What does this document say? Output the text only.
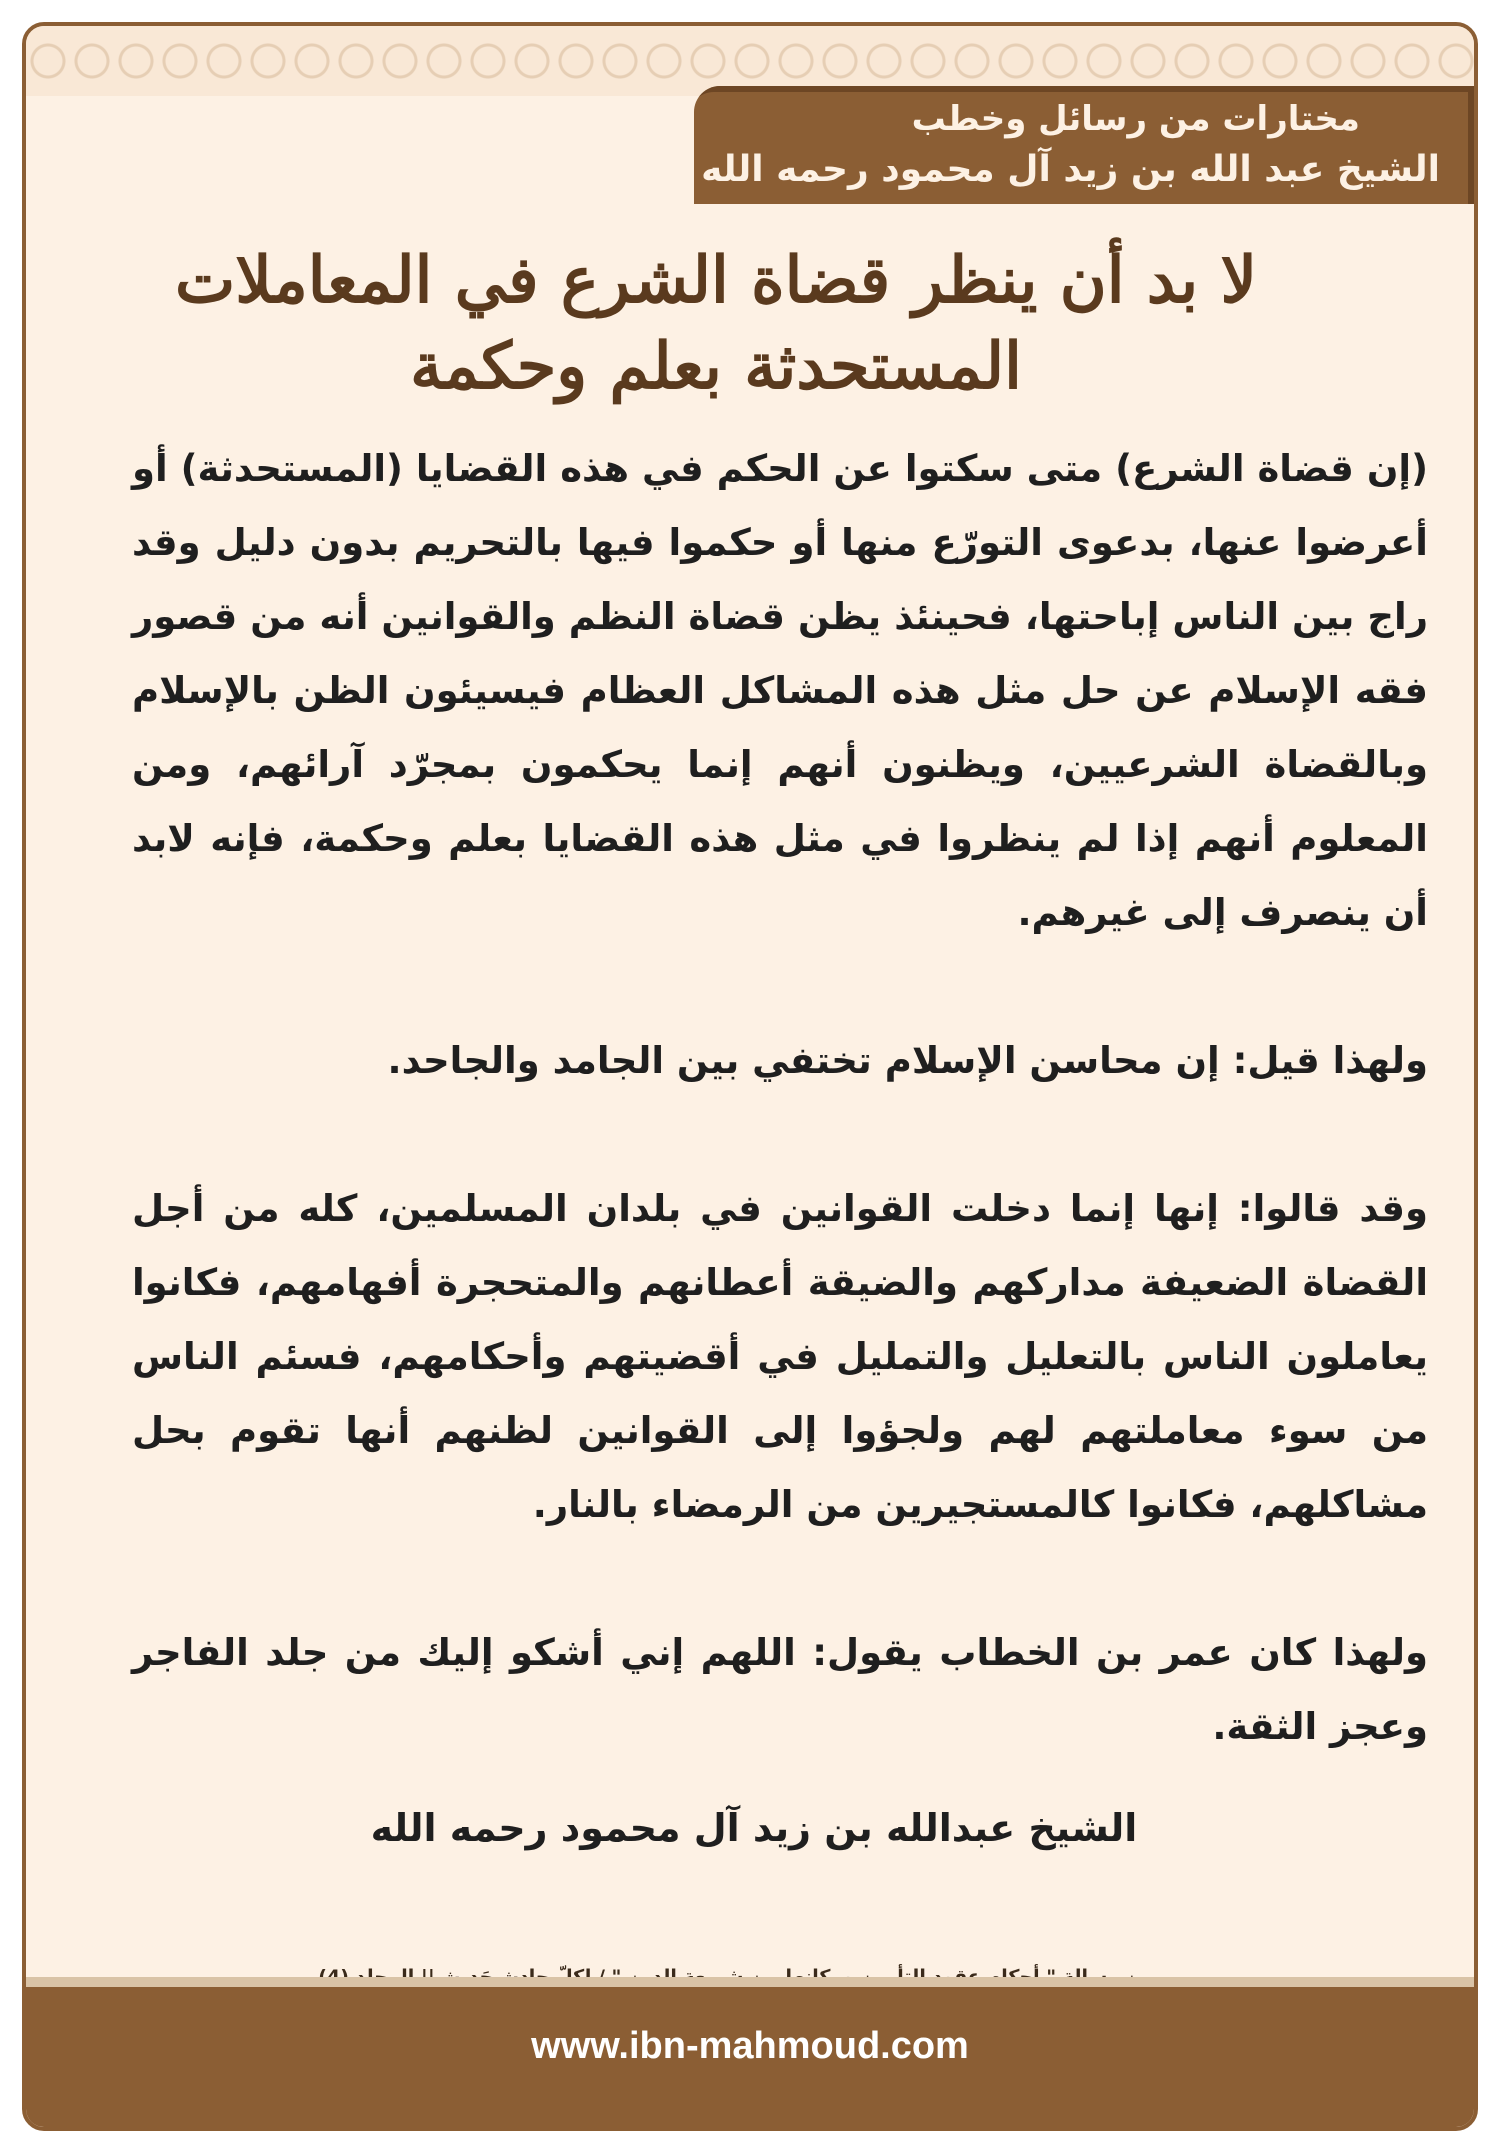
مختارات من رسائل وخطب
الشيخ عبد الله بن زيد آل محمود رحمه الله
لا بد أن ينظر قضاة الشرع في المعاملات
المستحدثة بعلم وحكمة

(إن قضاة الشرع) متى سكتوا عن الحكم في هذه القضايا (المستحدثة) أو أعرضوا عنها، بدعوى التورّع منها أو حكموا فيها بالتحريم بدون دليل وقد راج بين الناس إباحتها، فحينئذ يظن قضاة النظم والقوانين أنه من قصور فقه الإسلام عن حل مثل هذه المشاكل العظام فيسيئون الظن بالإسلام وبالقضاة الشرعيين، ويظنون أنهم إنما يحكمون بمجرّد آرائهم، ومن المعلوم أنهم إذا لم ينظروا في مثل هذه القضايا بعلم وحكمة، فإنه لابد أن ينصرف إلى غيرهم.

ولهذا قيل: إن محاسن الإسلام تختفي بين الجامد والجاحد.

وقد قالوا: إنها إنما دخلت القوانين في بلدان المسلمين، كله من أجل القضاة الضعيفة مداركهم والضيقة أعطانهم والمتحجرة أفهامهم، فكانوا يعاملون الناس بالتعليل والتمليل في أقضيتهم وأحكامهم، فسئم الناس من سوء معاملتهم لهم ولجؤوا إلى القوانين لظنهم أنها تقوم بحل مشاكلهم، فكانوا كالمستجيرين من الرمضاء بالنار.

ولهذا كان عمر بن الخطاب يقول: اللهم إني أشكو إليك من جلد الفاجر وعجز الثقة.

الشيخ عبدالله بن زيد آل محمود رحمه الله
www.ibn-mahmoud.com
